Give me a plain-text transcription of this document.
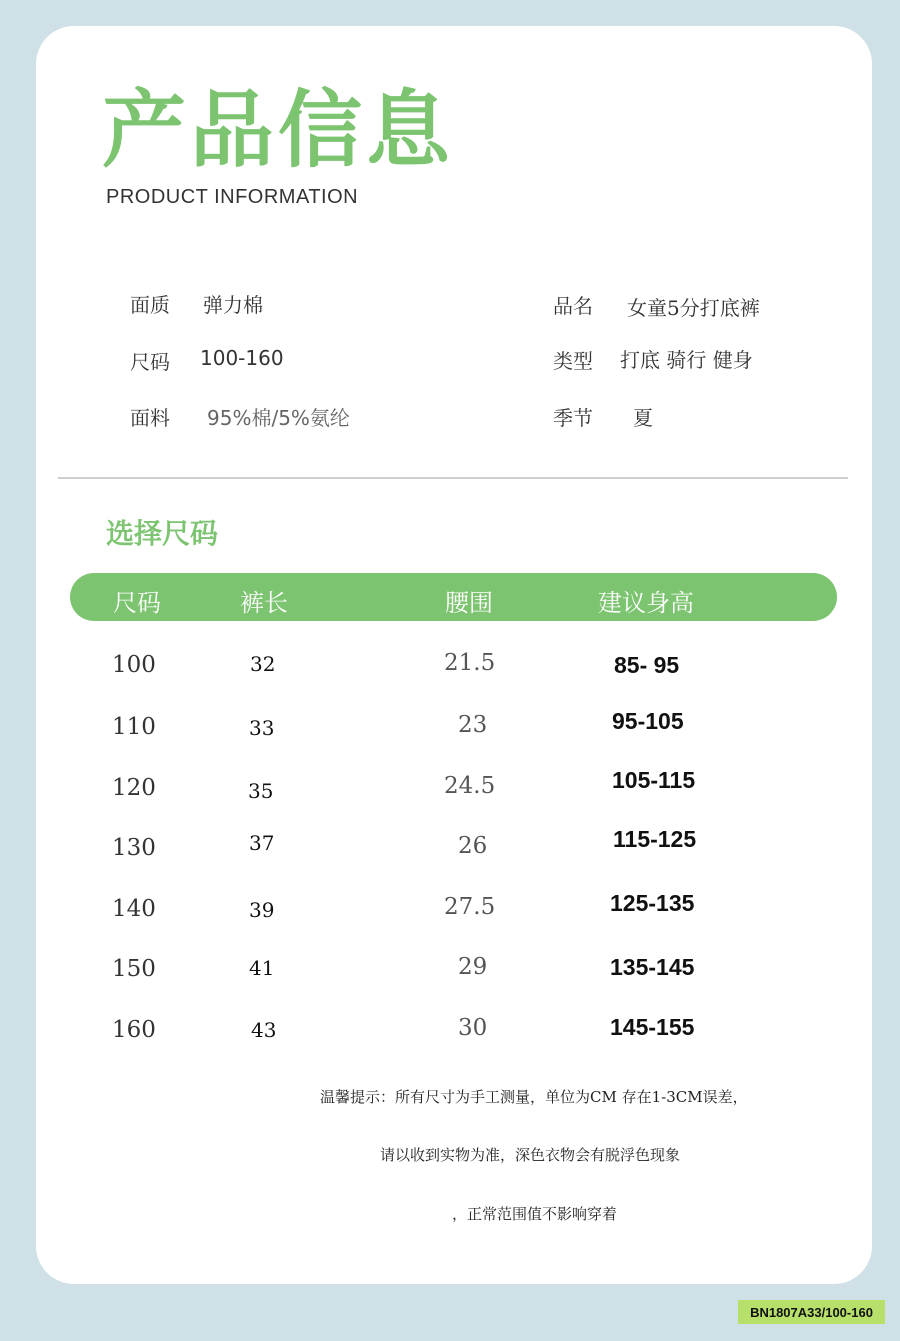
产品信息
PRODUCT INFORMATION
面质 弹力棉
尺码 100-160
面料 95%棉/5%氨纶
品名 女童5分打底裤
类型 打底 骑行 健身
季节 夏
选择尺码
尺码	裤长	腰围	建议身高
100	32	21.5	85- 95
110	33	23	95-105
120	35	24.5	105-115
130	37	26	115-125
140	39	27.5	125-135
150	41	29	135-145
160	43	30	145-155
温馨提示：所有尺寸为手工测量，单位为CM 存在1-3CM误差，
请以收到实物为准，深色衣物会有脱浮色现象
，正常范围值不影响穿着
BN1807A33/100-160
